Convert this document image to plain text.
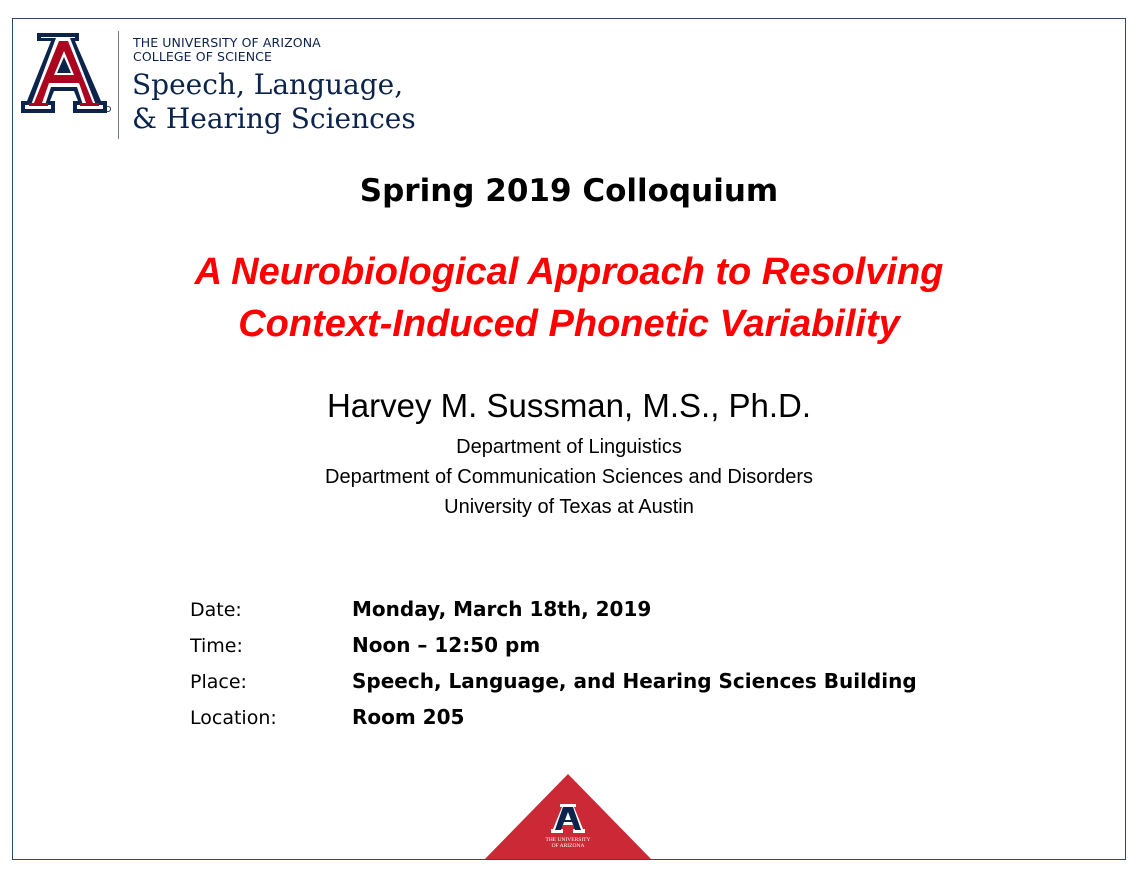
THE UNIVERSITY OF ARIZONA
COLLEGE OF SCIENCE
Speech, Language,
& Hearing Sciences
Spring 2019 Colloquium
A Neurobiological Approach to Resolving
Context-Induced Phonetic Variability
Harvey M. Sussman, M.S., Ph.D.
Department of Linguistics
Department of Communication Sciences and Disorders
University of Texas at Austin
Date:	Monday, March 18th, 2019
Time:	Noon – 12:50 pm
Place:	Speech, Language, and Hearing Sciences Building
Location:	Room 205
THE UNIVERSITY
OF ARIZONA
